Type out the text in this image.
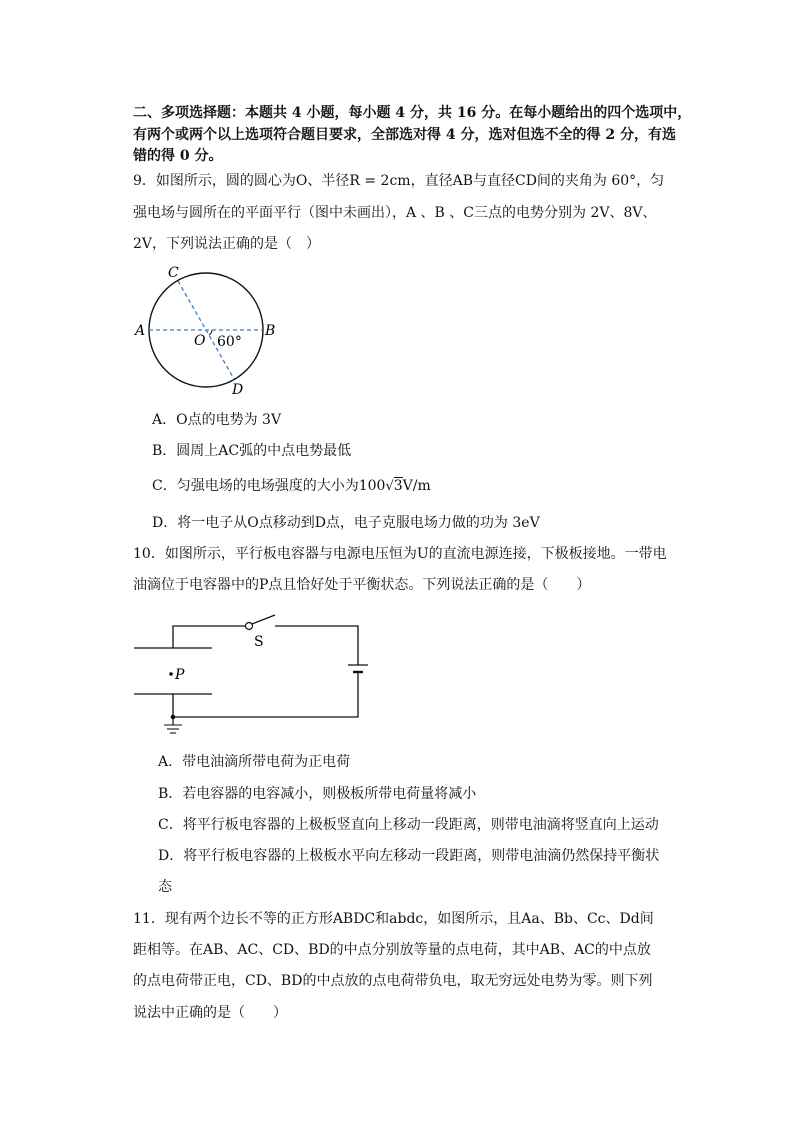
二、多项选择题：本题共 4 小题，每小题 4 分，共 16 分。在每小题给出的四个选项中，
有两个或两个以上选项符合题目要求，全部选对得 4 分，选对但选不全的得 2 分，有选
错的得 0 分。
9．如图所示，圆的圆心为O、半径R = 2cm，直径AB与直径CD间的夹角为 60°，匀
强电场与圆所在的平面平行（图中未画出），A 、B 、C三点的电势分别为 2V、8V、
2V，下列说法正确的是（　）
C
A	B
O 60°
D
A．O点的电势为 3V
B．圆周上AC弧的中点电势最低
C．匀强电场的电场强度的大小为100√3V/m
D．将一电子从O点移动到D点，电子克服电场力做的功为 3eV
10．如图所示，平行板电容器与电源电压恒为U的直流电源连接，下极板接地。一带电
油滴位于电容器中的P点且恰好处于平衡状态。下列说法正确的是（　　）
P
S
A．带电油滴所带电荷为正电荷
B．若电容器的电容减小，则极板所带电荷量将减小
C．将平行板电容器的上极板竖直向上移动一段距离，则带电油滴将竖直向上运动
D．将平行板电容器的上极板水平向左移动一段距离，则带电油滴仍然保持平衡状
态
11．现有两个边长不等的正方形ABDC和abdc，如图所示，且Aa、Bb、Cc、Dd间
距相等。在AB、AC、CD、BD的中点分别放等量的点电荷，其中AB、AC的中点放
的点电荷带正电，CD、BD的中点放的点电荷带负电，取无穷远处电势为零。则下列
说法中正确的是（　　）
